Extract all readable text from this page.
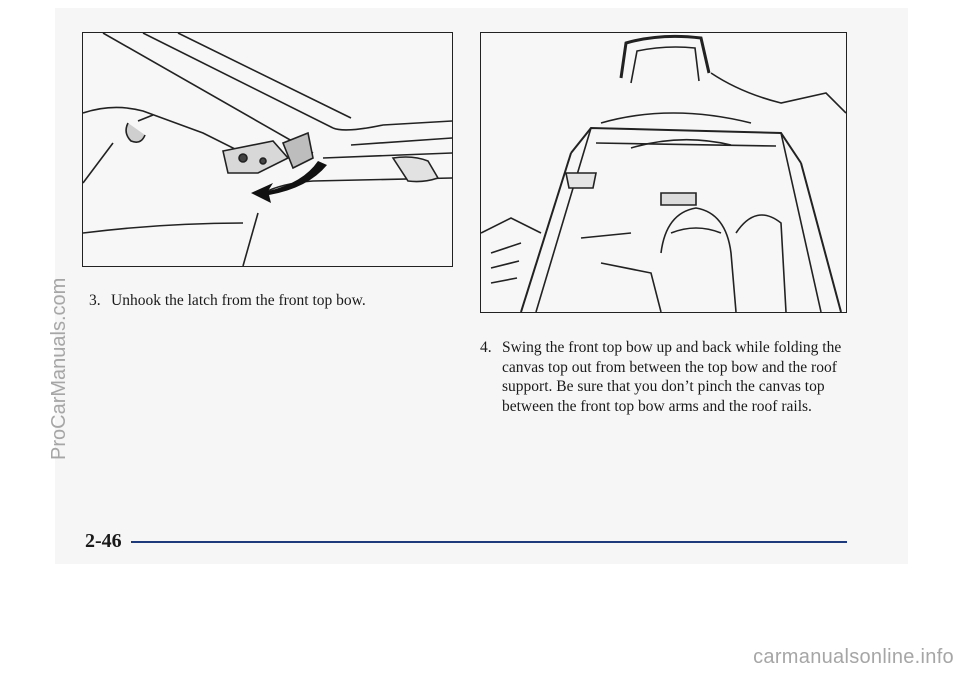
3. Unhook the latch from the front top bow.
4. Swing the front top bow up and back while folding the canvas top out from between the top bow and the roof support. Be sure that you don’t pinch the canvas top between the front top bow arms and the roof rails.
2-46
ProCarManuals.com
carmanualsonline.info
